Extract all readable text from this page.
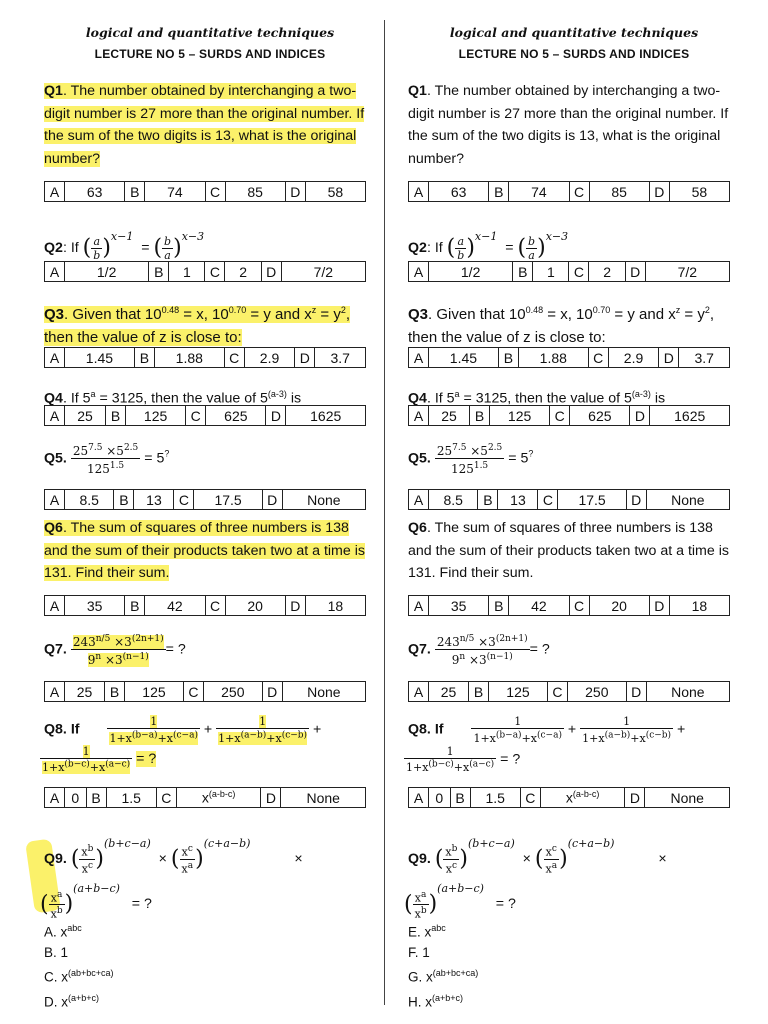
logical and quantitative techniques
LECTURE NO 5 – SURDS AND INDICES
Q1. The number obtained by interchanging a two-digit number is 27 more than the original number. If the sum of the two digits is 13, what is the original number?
A	63	B	74	C	85	D	58
Q2: If ( $\frac{a}{b} )^{x-1}$  = ( $\frac{b}{a} )^{x-3}$
A	1/2	B	1	C	2	D	7/2
Q3. Given that $10^{0.48} = x$, $10^{0.70} = y$ and $x^z = y^2$, then the value of z is close to:
A	1.45	B	1.88	C	2.9	D	3.7
Q4. If $5^a = 3125$, then the value of 5$^{(a-3)}$ is
A	25	B	125	C	625	D	1625
Q5. $\frac{25^{7.5} \times 5^{2.5}}{125^{1.5}} = 5^?$
A	8.5	B	13	C	17.5	D	None
Q6. The sum of squares of three numbers is 138 and the sum of their products taken two at a time is 131. Find their sum.
A	35	B	42	C	20	D	18
Q7. $\frac{243^{n/5} \times 3^{(2n+1)}}{9^n \times 3^{(n-1)}}$ = ?
A	25	B	125	C	250	D	None
Q8. If	$\frac{1}{1+x^{(b-a)}+x^{(c-a)}} + \frac{1}{1+x^{(a-b)}+x^{(c-b)}}$ +

$\frac{1}{1+x^{(b-c)}+x^{(a-c)}}$ = ?
A	0	B	1.5	C	$x^{(a-b-c)}$	D	None
Q9. ( $\frac{x^b}{x^c} )^{(b+c-a)}$  × ( $\frac{x^c}{x^a} )^{(c+a-b)}$ ×
( $\frac{x^a}{x^b} )^{(a+b-c)}$   = ?
A. $x^{abc}$
B. 1
C. $x^{(ab+bc+ca)}$
D. $x^{(a+b+c)}$
logical and quantitative techniques
LECTURE NO 5 – SURDS AND INDICES
Q1. The number obtained by interchanging a two-digit number is 27 more than the original number. If the sum of the two digits is 13, what is the original number?
A	63	B	74	C	85	D	58
Q2: If ( $\frac{a}{b} )^{x-1}$  = ( $\frac{b}{a} )^{x-3}$
A	1/2	B	1	C	2	D	7/2
Q3. Given that $10^{0.48} = x$, $10^{0.70} = y$ and $x^z = y^2$, then the value of z is close to:
A	1.45	B	1.88	C	2.9	D	3.7
Q4. If $5^a = 3125$, then the value of 5$^{(a-3)}$ is
A	25	B	125	C	625	D	1625
Q5. $\frac{25^{7.5} \times 5^{2.5}}{125^{1.5}} = 5^?$
A	8.5	B	13	C	17.5	D	None
Q6. The sum of squares of three numbers is 138 and the sum of their products taken two at a time is 131. Find their sum.
A	35	B	42	C	20	D	18
Q7. $\frac{243^{n/5} \times 3^{(2n+1)}}{9^n \times 3^{(n-1)}}$ = ?
A	25	B	125	C	250	D	None
Q8. If	$\frac{1}{1+x^{(b-a)}+x^{(c-a)}} + \frac{1}{1+x^{(a-b)}+x^{(c-b)}}$ +

$\frac{1}{1+x^{(b-c)}+x^{(a-c)}}$ = ?
A	0	B	1.5	C	$x^{(a-b-c)}$	D	None
Q9. ( $\frac{x^b}{x^c} )^{(b+c-a)}$  × ( $\frac{x^c}{x^a} )^{(c+a-b)}$ ×
( $\frac{x^a}{x^b} )^{(a+b-c)}$   = ?
E. $x^{abc}$
F. 1
G. $x^{(ab+bc+ca)}$
H. $x^{(a+b+c)}$
